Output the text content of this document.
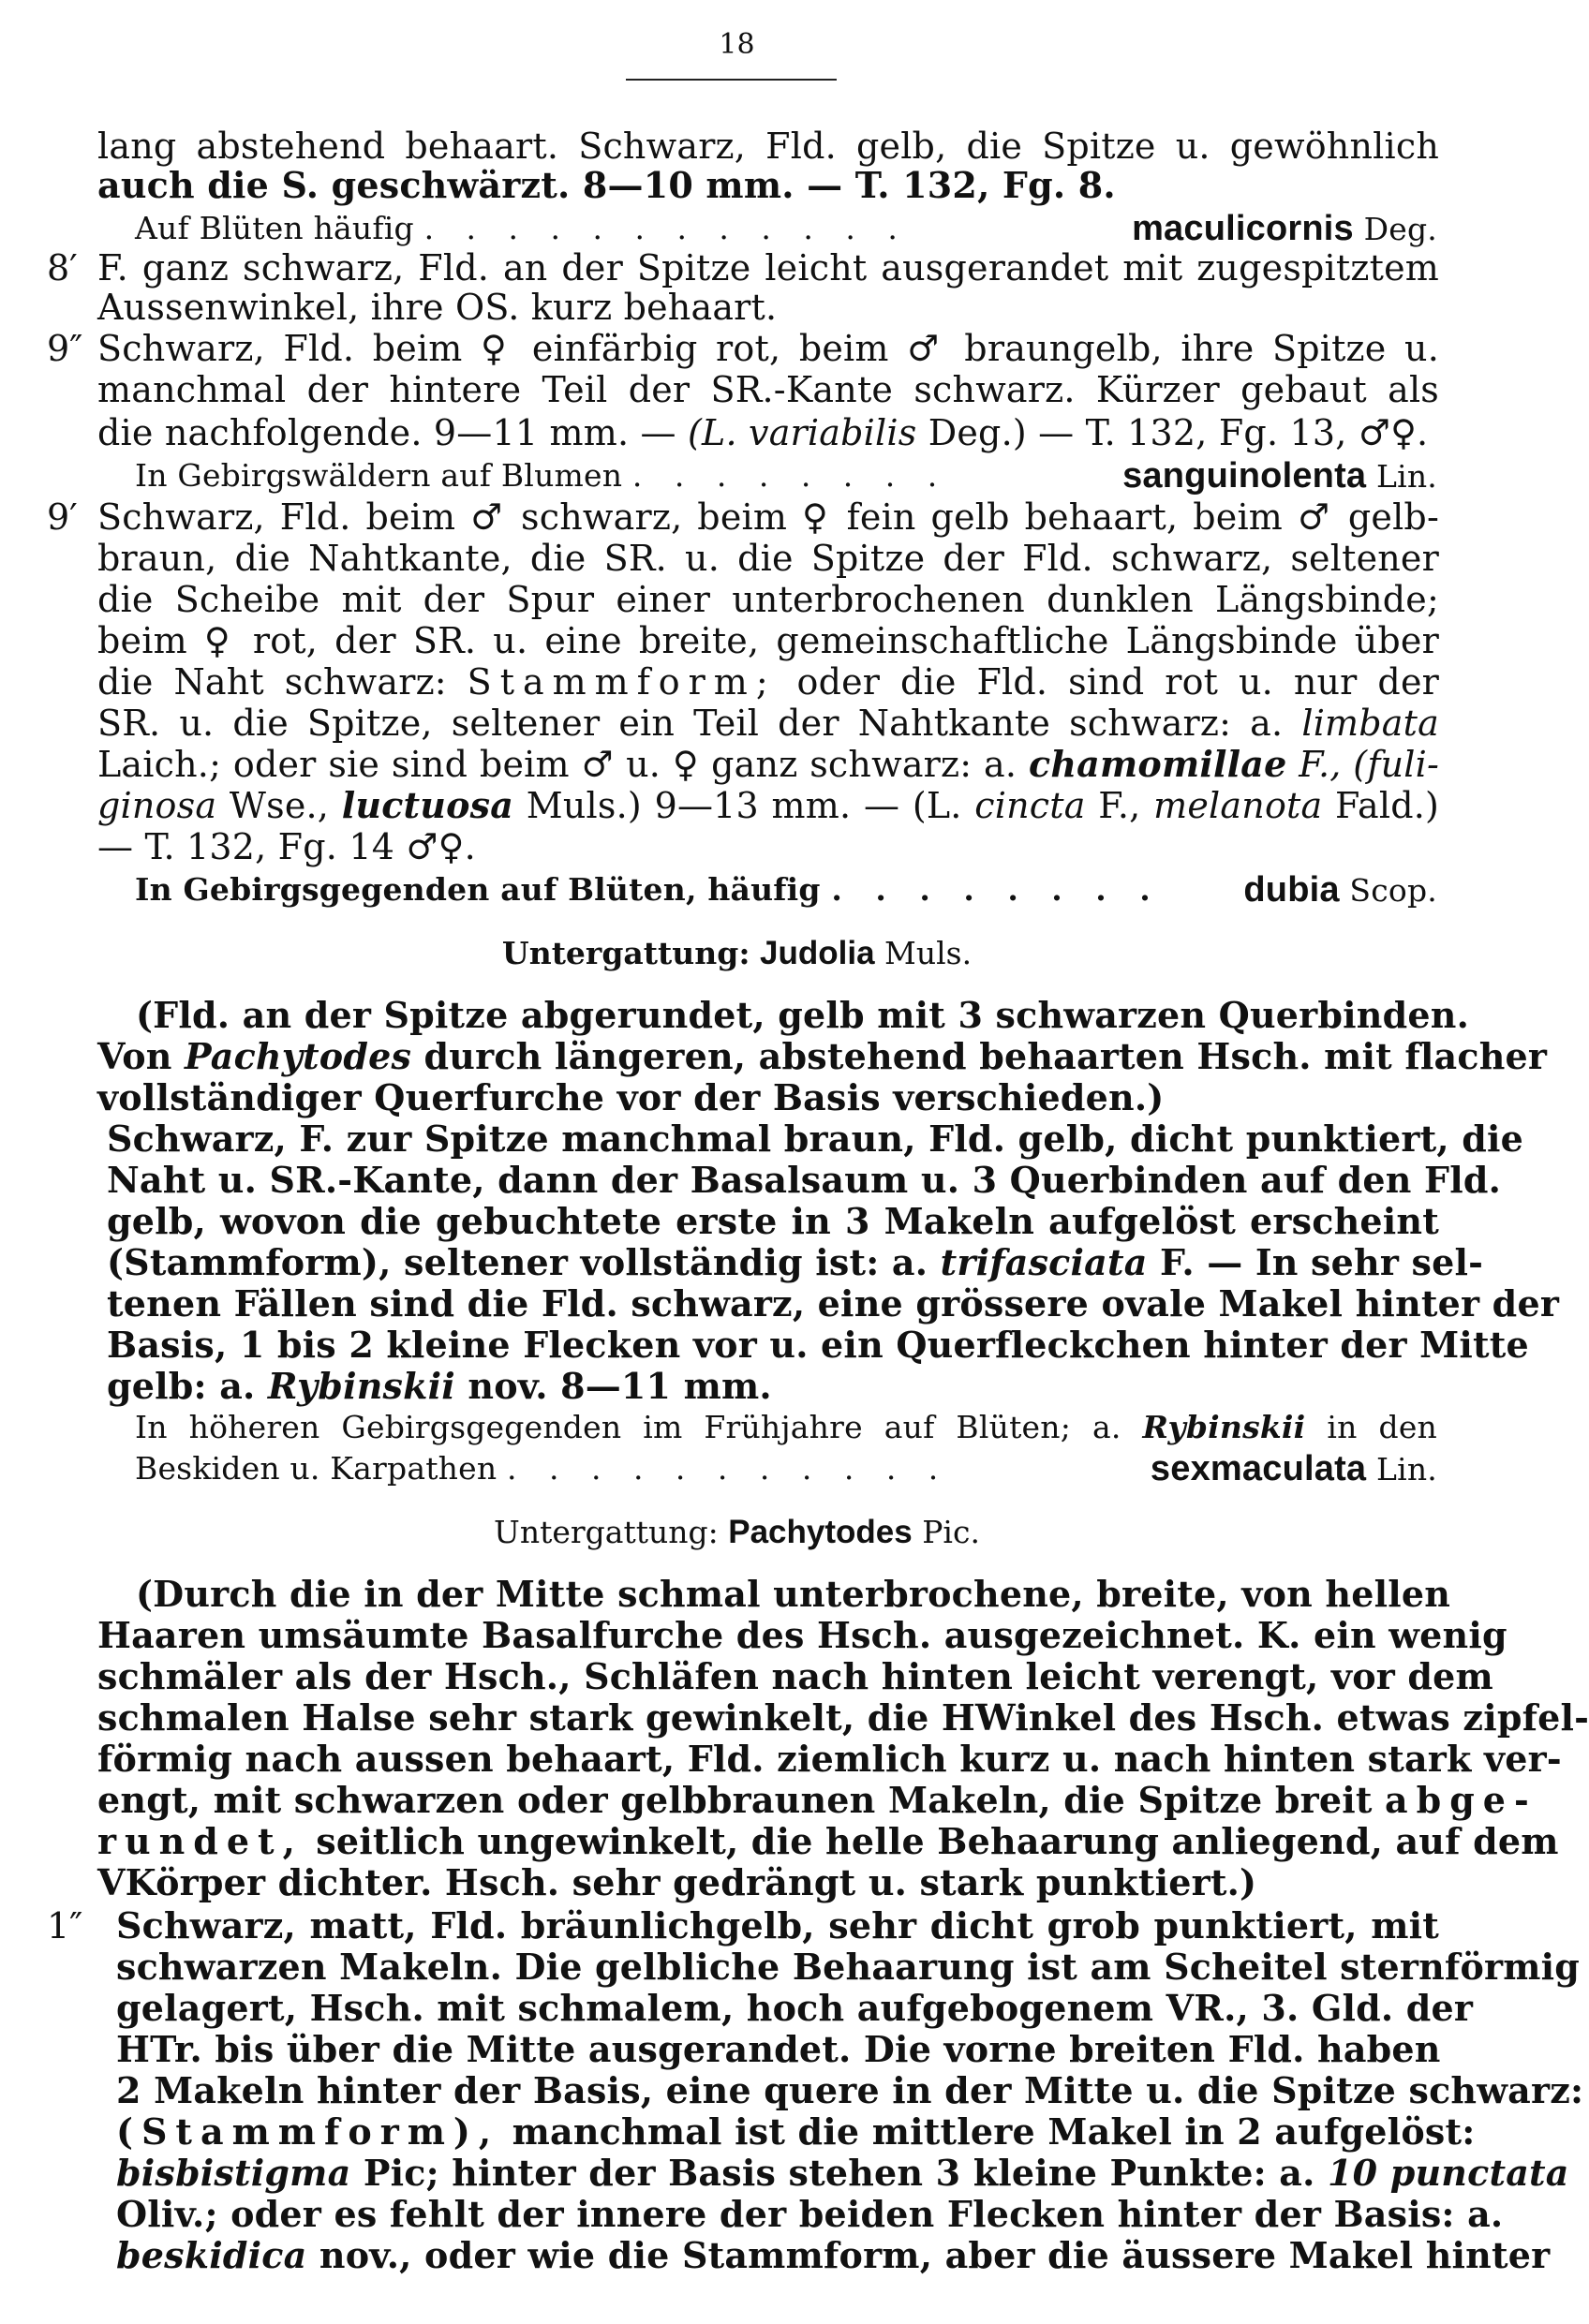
18
lang abstehend behaart. Schwarz, Fld. gelb, die Spitze u. gewöhnlich
auch die S. geschwärzt. 8—10 mm. — T. 132, Fg. 8.
Auf Blüten häufig . . . . . . . . . . . .	maculicornis Deg.
8′ F. ganz schwarz, Fld. an der Spitze leicht ausgerandet mit zugespitztem
Aussenwinkel, ihre OS. kurz behaart.
9″ Schwarz, Fld. beim ♀ einfärbig rot, beim ♂ braungelb, ihre Spitze u.
manchmal der hintere Teil der SR.-Kante schwarz. Kürzer gebaut als
die nachfolgende. 9—11 mm. — (L. variabilis Deg.) — T. 132, Fg. 13, ♂♀.
In Gebirgswäldern auf Blumen . . . . . . . .	sanguinolenta Lin.
9′ Schwarz, Fld. beim ♂ schwarz, beim ♀ fein gelb behaart, beim ♂ gelb-
braun, die Nahtkante, die SR. u. die Spitze der Fld. schwarz, seltener
die Scheibe mit der Spur einer unterbrochenen dunklen Längsbinde;
beim ♀ rot, der SR. u. eine breite, gemeinschaftliche Längsbinde über
die Naht schwarz: Stammform; oder die Fld. sind rot u. nur der
SR. u. die Spitze, seltener ein Teil der Nahtkante schwarz: a. limbata
Laich.; oder sie sind beim ♂ u. ♀ ganz schwarz: a. chamomillae F., (fuli-
ginosa Wse., luctuosa Muls.) 9—13 mm. — (L. cincta F., melanota Fald.)
— T. 132, Fg. 14 ♂♀.
In Gebirgsgegenden auf Blüten, häufig . . . . . . . . dubia Scop.
Untergattung: Judolia Muls.
(Fld. an der Spitze abgerundet, gelb mit 3 schwarzen Querbinden.
Von Pachytodes durch längeren, abstehend behaarten Hsch. mit flacher
vollständiger Querfurche vor der Basis verschieden.)
Schwarz, F. zur Spitze manchmal braun, Fld. gelb, dicht punktiert, die
Naht u. SR.-Kante, dann der Basalsaum u. 3 Querbinden auf den Fld.
gelb, wovon die gebuchtete erste in 3 Makeln aufgelöst erscheint
(Stammform), seltener vollständig ist: a. trifasciata F. — In sehr sel-
tenen Fällen sind die Fld. schwarz, eine grössere ovale Makel hinter der
Basis, 1 bis 2 kleine Flecken vor u. ein Querfleckchen hinter der Mitte
gelb: a. Rybinskii nov. 8—11 mm.
In höheren Gebirgsgegenden im Frühjahre auf Blüten; a. Rybinskii in den
Beskiden u. Karpathen . . . . . . . . . . .	sexmaculata Lin.
Untergattung: Pachytodes Pic.
(Durch die in der Mitte schmal unterbrochene, breite, von hellen
Haaren umsäumte Basalfurche des Hsch. ausgezeichnet. K. ein wenig
schmäler als der Hsch., Schläfen nach hinten leicht verengt, vor dem
schmalen Halse sehr stark gewinkelt, die HWinkel des Hsch. etwas zipfel-
förmig nach aussen behaart, Fld. ziemlich kurz u. nach hinten stark ver-
engt, mit schwarzen oder gelbbraunen Makeln, die Spitze breit abge-
rundet, seitlich ungewinkelt, die helle Behaarung anliegend, auf dem
VKörper dichter. Hsch. sehr gedrängt u. stark punktiert.)
1″ Schwarz, matt, Fld. bräunlichgelb, sehr dicht grob punktiert, mit
schwarzen Makeln. Die gelbliche Behaarung ist am Scheitel sternförmig
gelagert, Hsch. mit schmalem, hoch aufgebogenem VR., 3. Gld. der
HTr. bis über die Mitte ausgerandet. Die vorne breiten Fld. haben
2 Makeln hinter der Basis, eine quere in der Mitte u. die Spitze schwarz:
(Stammform), manchmal ist die mittlere Makel in 2 aufgelöst:
bisbistigma Pic; hinter der Basis stehen 3 kleine Punkte: a. 10 punctata
Oliv.; oder es fehlt der innere der beiden Flecken hinter der Basis: a.
beskidica nov., oder wie die Stammform, aber die äussere Makel hinter
